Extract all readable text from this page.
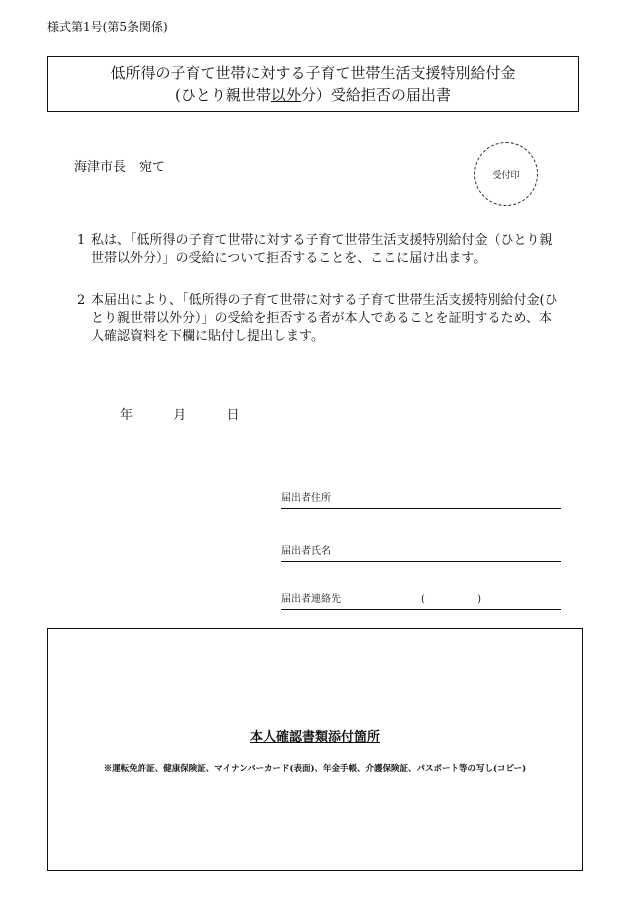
様式第1号(第5条関係)
低所得の子育て世帯に対する子育て世帯生活支援特別給付金
(ひとり親世帯以外分）受給拒否の届出書
海津市長　宛て
受付印
1 私は、「低所得の子育て世帯に対する子育て世帯生活支援特別給付金（ひとり親世帯以外分）」の受給について拒否することを、ここに届け出ます。
2 本届出により、「低所得の子育て世帯に対する子育て世帯生活支援特別給付金(ひとり親世帯以外分）」の受給を拒否する者が本人であることを証明するため、本人確認資料を下欄に貼付し提出します。
年	月	日
届出者住所
届出者氏名
届出者連絡先	(	)
本人確認書類添付箇所
※運転免許証、健康保険証、マイナンバーカード(表面)、年金手帳、介護保険証、パスポート等の写し(コピー)
